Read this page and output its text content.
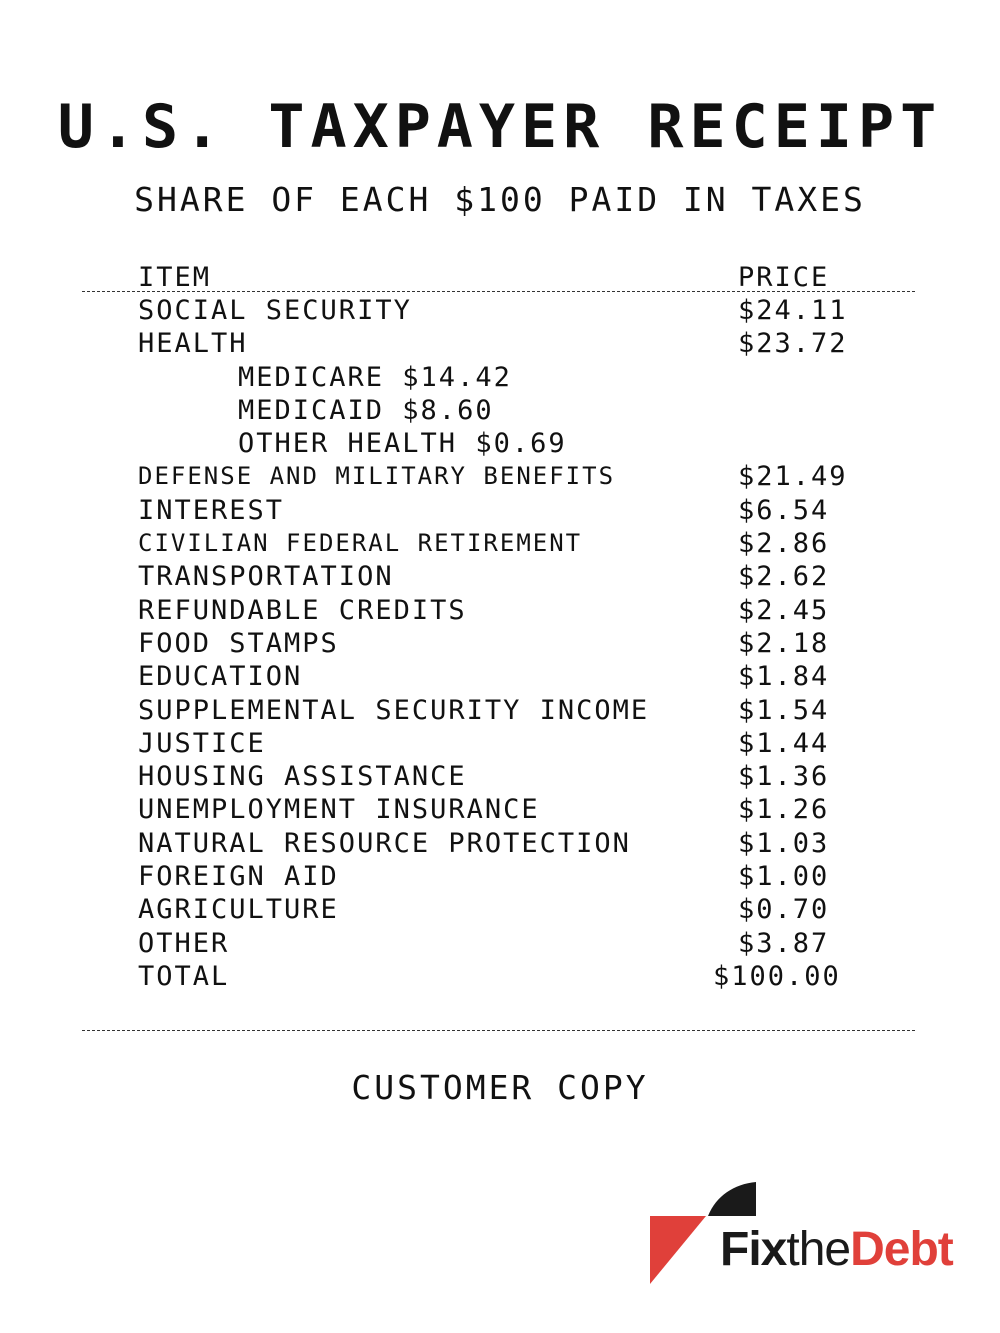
U.S. TAXPAYER RECEIPT
SHARE OF EACH $100 PAID IN TAXES
ITEM	PRICE
SOCIAL SECURITY	$24.11
HEALTH	$23.72
MEDICARE $14.42
MEDICAID $8.60
OTHER HEALTH $0.69
DEFENSE AND MILITARY BENEFITS	$21.49
INTEREST	$6.54
CIVILIAN FEDERAL RETIREMENT	$2.86
TRANSPORTATION	$2.62
REFUNDABLE CREDITS	$2.45
FOOD STAMPS	$2.18
EDUCATION	$1.84
SUPPLEMENTAL SECURITY INCOME	$1.54
JUSTICE	$1.44
HOUSING ASSISTANCE	$1.36
UNEMPLOYMENT INSURANCE	$1.26
NATURAL RESOURCE PROTECTION	$1.03
FOREIGN AID	$1.00
AGRICULTURE	$0.70
OTHER	$3.87
TOTAL	$100.00
CUSTOMER COPY
FixtheDebt
